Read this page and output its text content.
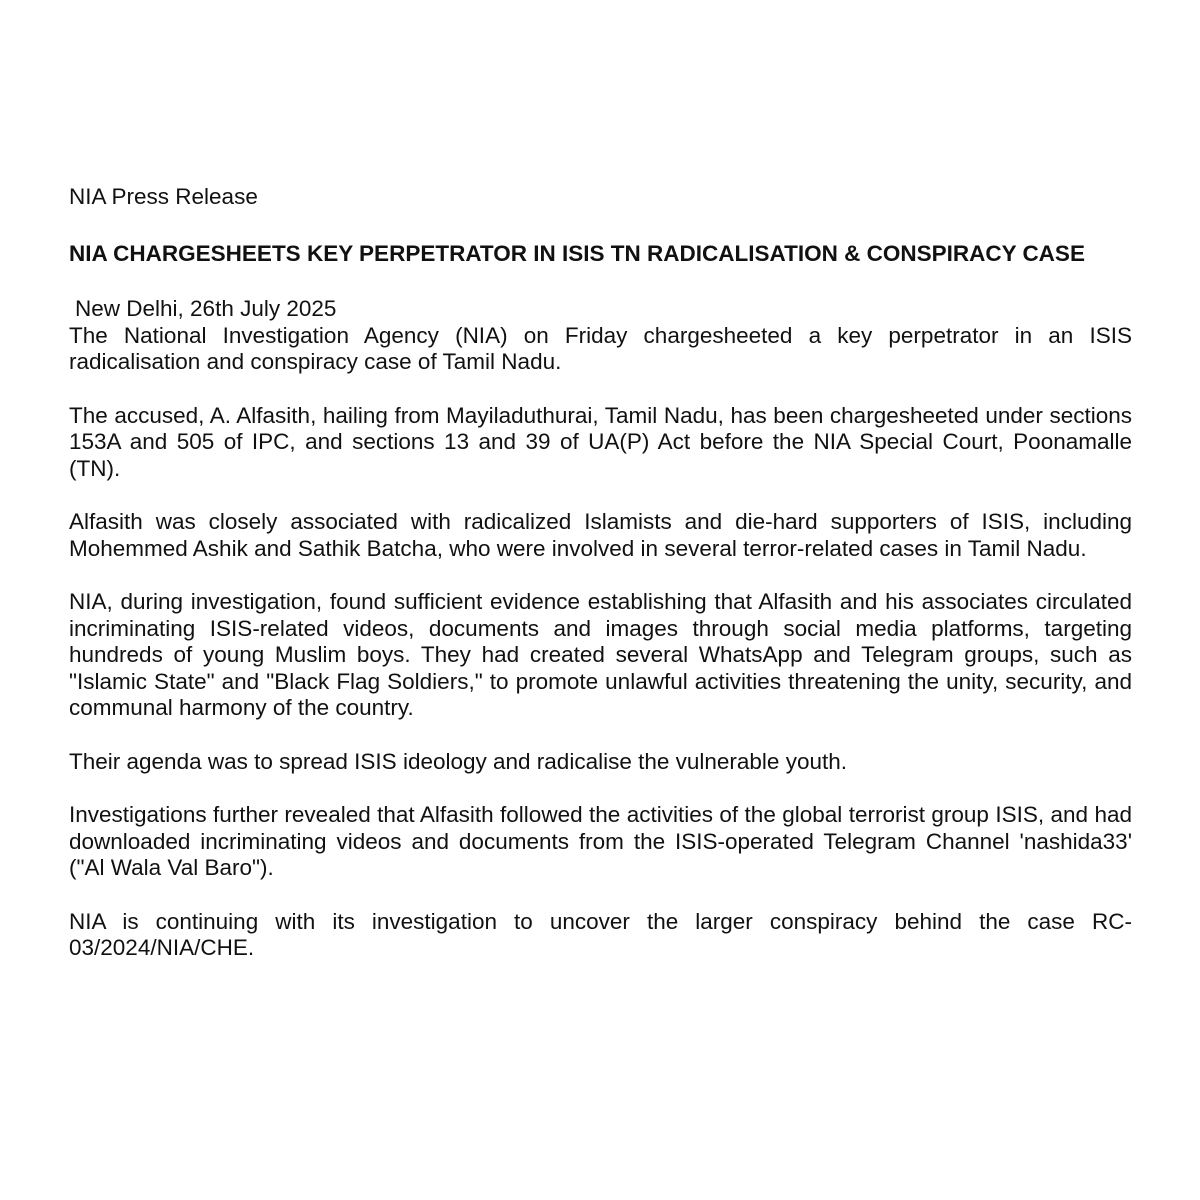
NIA Press Release

NIA CHARGESHEETS KEY PERPETRATOR IN ISIS TN RADICALISATION & CONSPIRACY CASE

New Delhi, 26th July 2025

The National Investigation Agency (NIA) on Friday chargesheeted a key perpetrator in an ISIS radicalisation and conspiracy case of Tamil Nadu.

The accused, A. Alfasith, hailing from Mayiladuthurai, Tamil Nadu, has been chargesheeted under sections 153A and 505 of IPC, and sections 13 and 39 of UA(P) Act before the NIA Special Court, Poonamalle (TN).

Alfasith was closely associated with radicalized Islamists and die-hard supporters of ISIS, including Mohemmed Ashik and Sathik Batcha, who were involved in several terror-related cases in Tamil Nadu.

NIA, during investigation, found sufficient evidence establishing that Alfasith and his associates circulated incriminating ISIS-related videos, documents and images through social media platforms, targeting hundreds of young Muslim boys. They had created several WhatsApp and Telegram groups, such as "Islamic State" and "Black Flag Soldiers," to promote unlawful activities threatening the unity, security, and communal harmony of the country.

Their agenda was to spread ISIS ideology and radicalise the vulnerable youth.

Investigations further revealed that Alfasith followed the activities of the global terrorist group ISIS, and had downloaded incriminating videos and documents from the ISIS-operated Telegram Channel 'nashida33' ("Al Wala Val Baro").

NIA is continuing with its investigation to uncover the larger conspiracy behind the case RC-03/2024/NIA/CHE.
